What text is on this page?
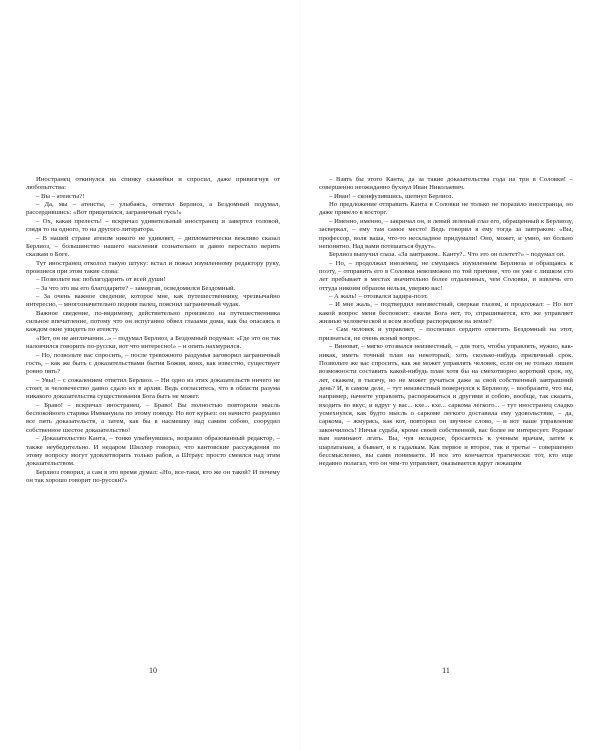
Иностранец откинулся на спинку скамейки и спросил, даже привизгнув от любопытства:

– Вы – атеисты?!

– Да, мы – атеисты, – улыбаясь, ответил Берлиоз, а Бездомный подумал, рассердившись: «Вот прицепился, заграничный гусь!»

– Ох, какая прелесть! – вскричал удивительный иностранец и завертел головой, глядя то на одного, то на другого литератора.

– В нашей стране атеизм никого не удивляет, – дипломатически вежливо сказал Берлиоз, – большинство нашего населения сознательно и давно перестало верить сказкам о Боге.

Тут иностранец отколол такую штуку: встал и пожал изумленному редактору руку, произнеся при этом такие слова:

– Позвольте вас поблагодарить от всей души!

– За что это вы его благодарите? – заморгав, осведомился Бездомный.

– За очень важное сведение, которое мне, как путешественнику, чрезвычайно интересно, – многозначительно подняв палец, пояснил заграничный чудак.

Важное сведение, по-видимому, действительно произвело на путешественника сильное впечатление, потому что он испуганно обвел глазами дома, как бы опасаясь в каждом окне увидеть по атеисту.

«Нет, он не англичанин...» – подумал Берлиоз, а Бездомный подумал: «Где это он так наловчился говорить по-русски, вот что интересно!» – и опять нахмурился.

– Но, позвольте вас спросить, – после тревожного раздумья заговорил заграничный гость, – как же быть с доказательствами бытия Божия, коих, как известно, существует ровно пять?

– Увы! – с сожалением ответил Берлиоз. – Ни одно из этих доказательств ничего не стоит, и человечество давно сдало их в архив. Ведь согласитесь, что в области разума никакого доказательства существования Бога быть не может.

– Браво! – вскричал иностранец. – Браво! Вы полностью повторили мысль беспокойного старика Иммануила по этому поводу. Но вот курьез: он начисто разрушил все пять доказательств, а затем, как бы в насмешку над самим собою, соорудил собственное шестое доказательство!

– Доказательство Канта, – тонко улыбнувшись, возразил образованный редактор, – также неубедительно. И недаром Шиллер говорил, что кантовские рассуждения по этому вопросу могут удовлетворить только рабов, а Штраус просто смеялся над этим доказательством.

Берлиоз говорил, а сам в это время думал: «Но, все-таки, кто же он такой? И почему он так хорошо говорит по-русски?»

– Взять бы этого Канта, да за такие доказательства года на три в Соловки! – совершенно неожиданно бухнул Иван Николаевич.

– Иван! – сконфузившись, шепнул Берлиоз.

Но предложение отправить Канта в Соловки не только не поразило иностранца, но даже привело в восторг.

– Именно, именно, – закричал он, и левый зеленый глаз его, обращенный к Берлиозу, засверкал, – ему там самое место! Ведь говорил я ему тогда за завтраком: «Вы, профессор, воля ваша, что-то нескладное придумали! Оно, может, и умно, но больно непонятно. Над вами потешаться будут».

Берлиоз выпучил глаза. «За завтраком.. Канту?.. Что это он плетет?» – подумал он.

– Но, – продолжал иноземец, не смущаясь изумлением Берлиоза и обращаясь к поэту, – отправить его в Соловки невозможно по той причине, что он уже с лишком сто лет пребывает в местах значительно более отдаленных, чем Соловки, и извлечь его оттуда никоим образом нельзя, уверяю вас!

– А жаль! – отозвался задира-поэт.

– И мне жаль, – подтвердил неизвестный, сверкая глазом, и продолжал: – Но вот какой вопрос меня беспокоит: ежели Бога нет, то, спрашивается, кто же управляет жизнью человеческой и всем вообще распорядком на земле?

– Сам человек и управляет, – поспешил сердито ответить Бездомный на этот, признаться, не очень ясный вопрос.

– Виноват, – мягко отозвался неизвестный, – для того, чтобы управлять, нужно, как-никак, иметь точный план на некоторый, хоть сколько-нибудь приличный срок. Позвольте же вас спросить, как же может управлять человек, если он не только лишен возможности составить какой-нибудь план хотя бы на смехотворно короткий срок, ну, лет, скажем, в тысячу, но не может ручаться даже за свой собственный завтрашний день? И, в самом деле, – тут неизвестный повернулся к Берлиозу, – вообразите, что вы, например, начнете управлять, распоряжаться и другими и собою, вообще, так сказать, входить во вкус, и вдруг у вас... кхе... кхе... саркома легкого... – тут иностранец сладко усмехнулся, как будто мысль о саркоме легкого доставила ему удовольствие, – да, саркома, – жмурясь, как кот, повторил он звучное слово, – и вот ваше управление закончилось! Ничья судьба, кроме своей собственной, вас более не интересует. Родные вам начинают лгать. Вы, чуя неладное, бросаетесь к ученым врачам, затем к шарлатанам, а бывает, и к гадалкам. Как первое и второе, так и третье – совершенно бессмысленно, вы сами понимаете. И все это кончается трагически: тот, кто еще недавно полагал, что он чем-то управляет, оказывается вдруг лежащим

10	11
